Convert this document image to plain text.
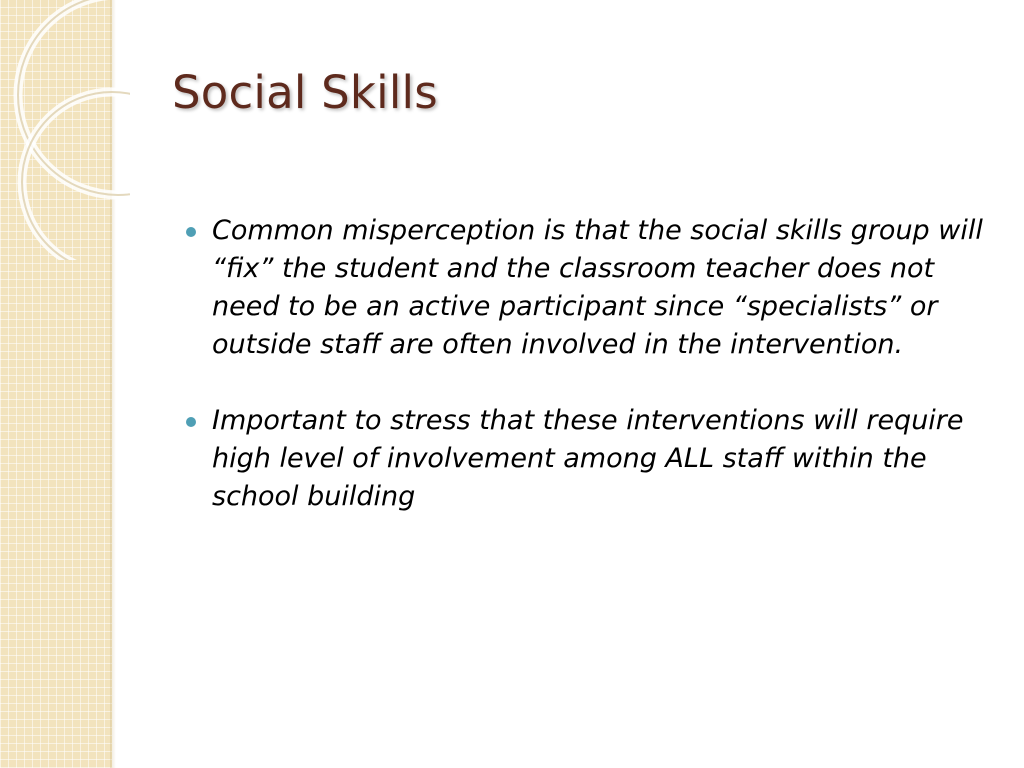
Social Skills
Common misperception is that the social skills group will “fix” the student and the classroom teacher does not need to be an active participant since “specialists” or outside staff are often involved in the intervention.
Important to stress that these interventions will require high level of involvement among ALL staff within the school building
